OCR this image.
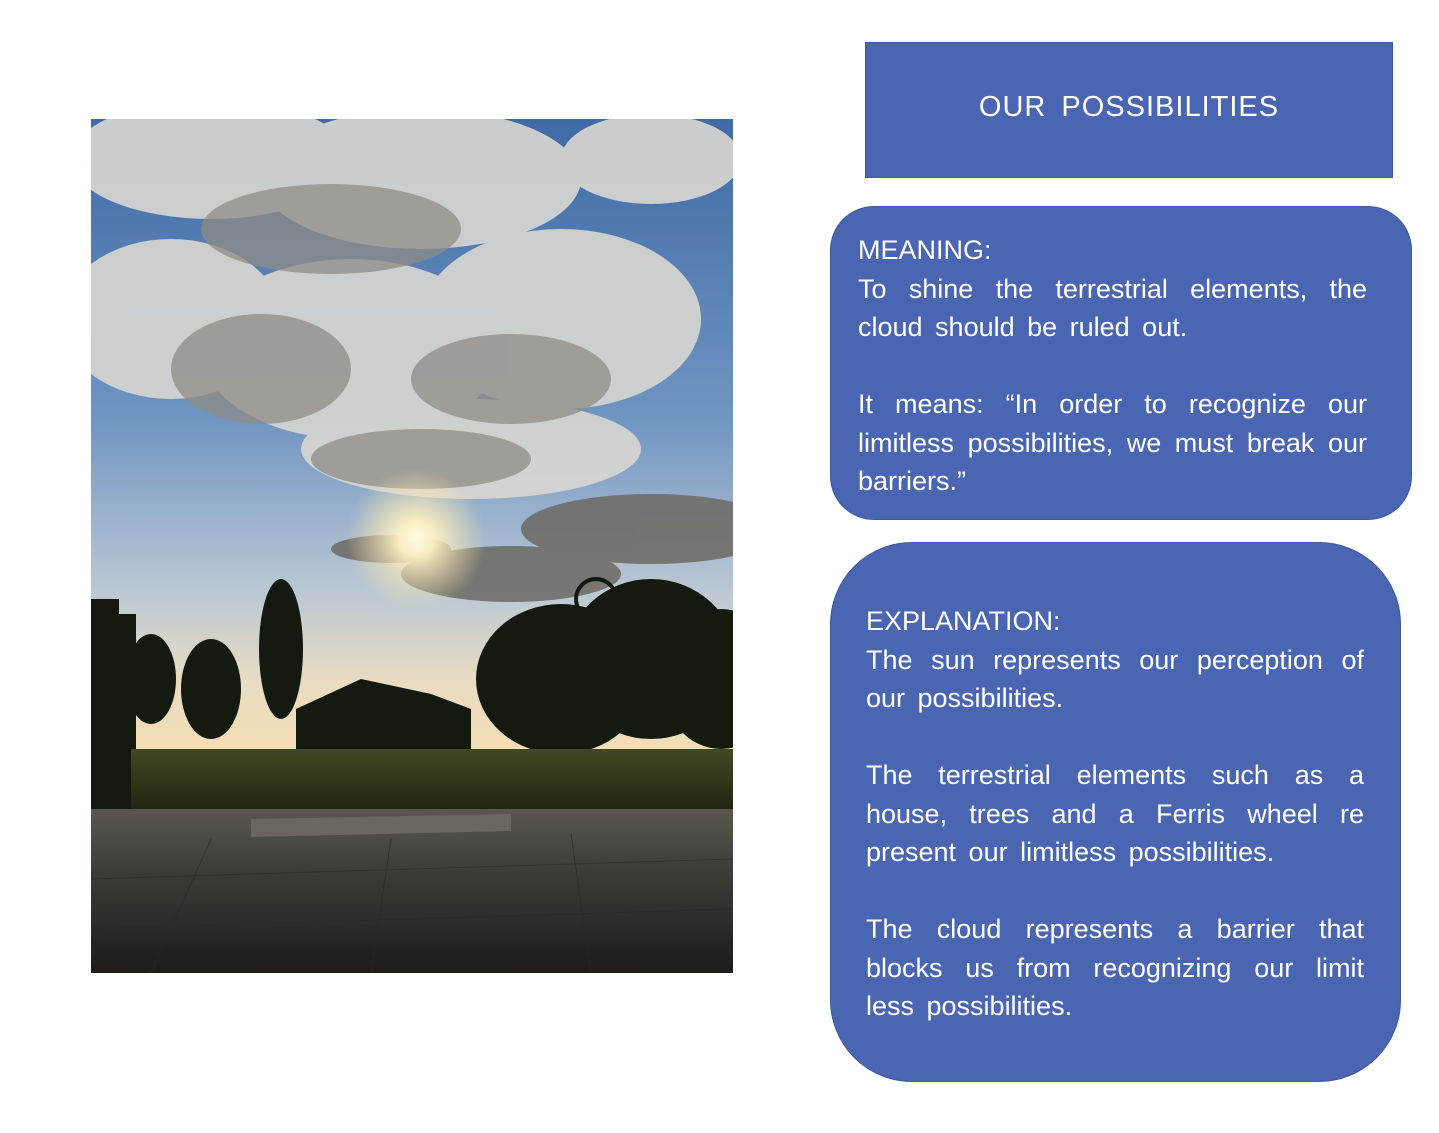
OUR POSSIBILITIES
MEANING:

To shine the terrestrial elements, the cloud should be ruled out.

It means: “In order to recognize our limitless possibilities, we must break our barriers.”

EXPLANATION:

The sun represents our perception of our possibilities.

The terrestrial elements such as a house, trees and a Ferris wheel re present our limitless possibilities.

The cloud represents a barrier that blocks us from recognizing our limit less possibilities.
